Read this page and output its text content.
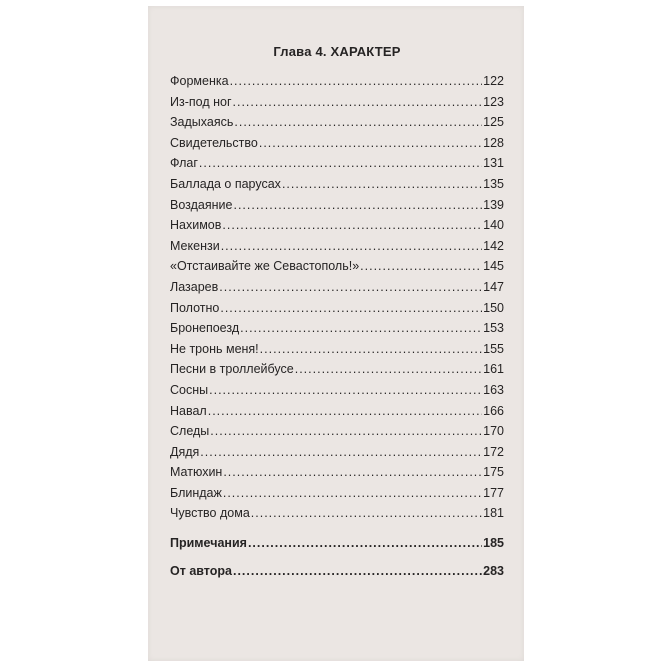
Глава 4. ХАРАКТЕР
Форменка .....	122
Из-под ног .....	123
Задыхаясь .....	125
Свидетельство .....	128
Флаг .....	131
Баллада о парусах .....	135
Воздаяние .....	139
Нахимов .....	140
Мекензи .....	142
«Отстаивайте же Севастополь!» .....	145
Лазарев .....	147
Полотно .....	150
Бронепоезд .....	153
Не тронь меня! .....	155
Песни в троллейбусе .....	161
Сосны .....	163
Навал .....	166
Следы .....	170
Дядя .....	172
Матюхин .....	175
Блиндаж .....	177
Чувство дома .....	181
Примечания .....	185
От автора .....	283
